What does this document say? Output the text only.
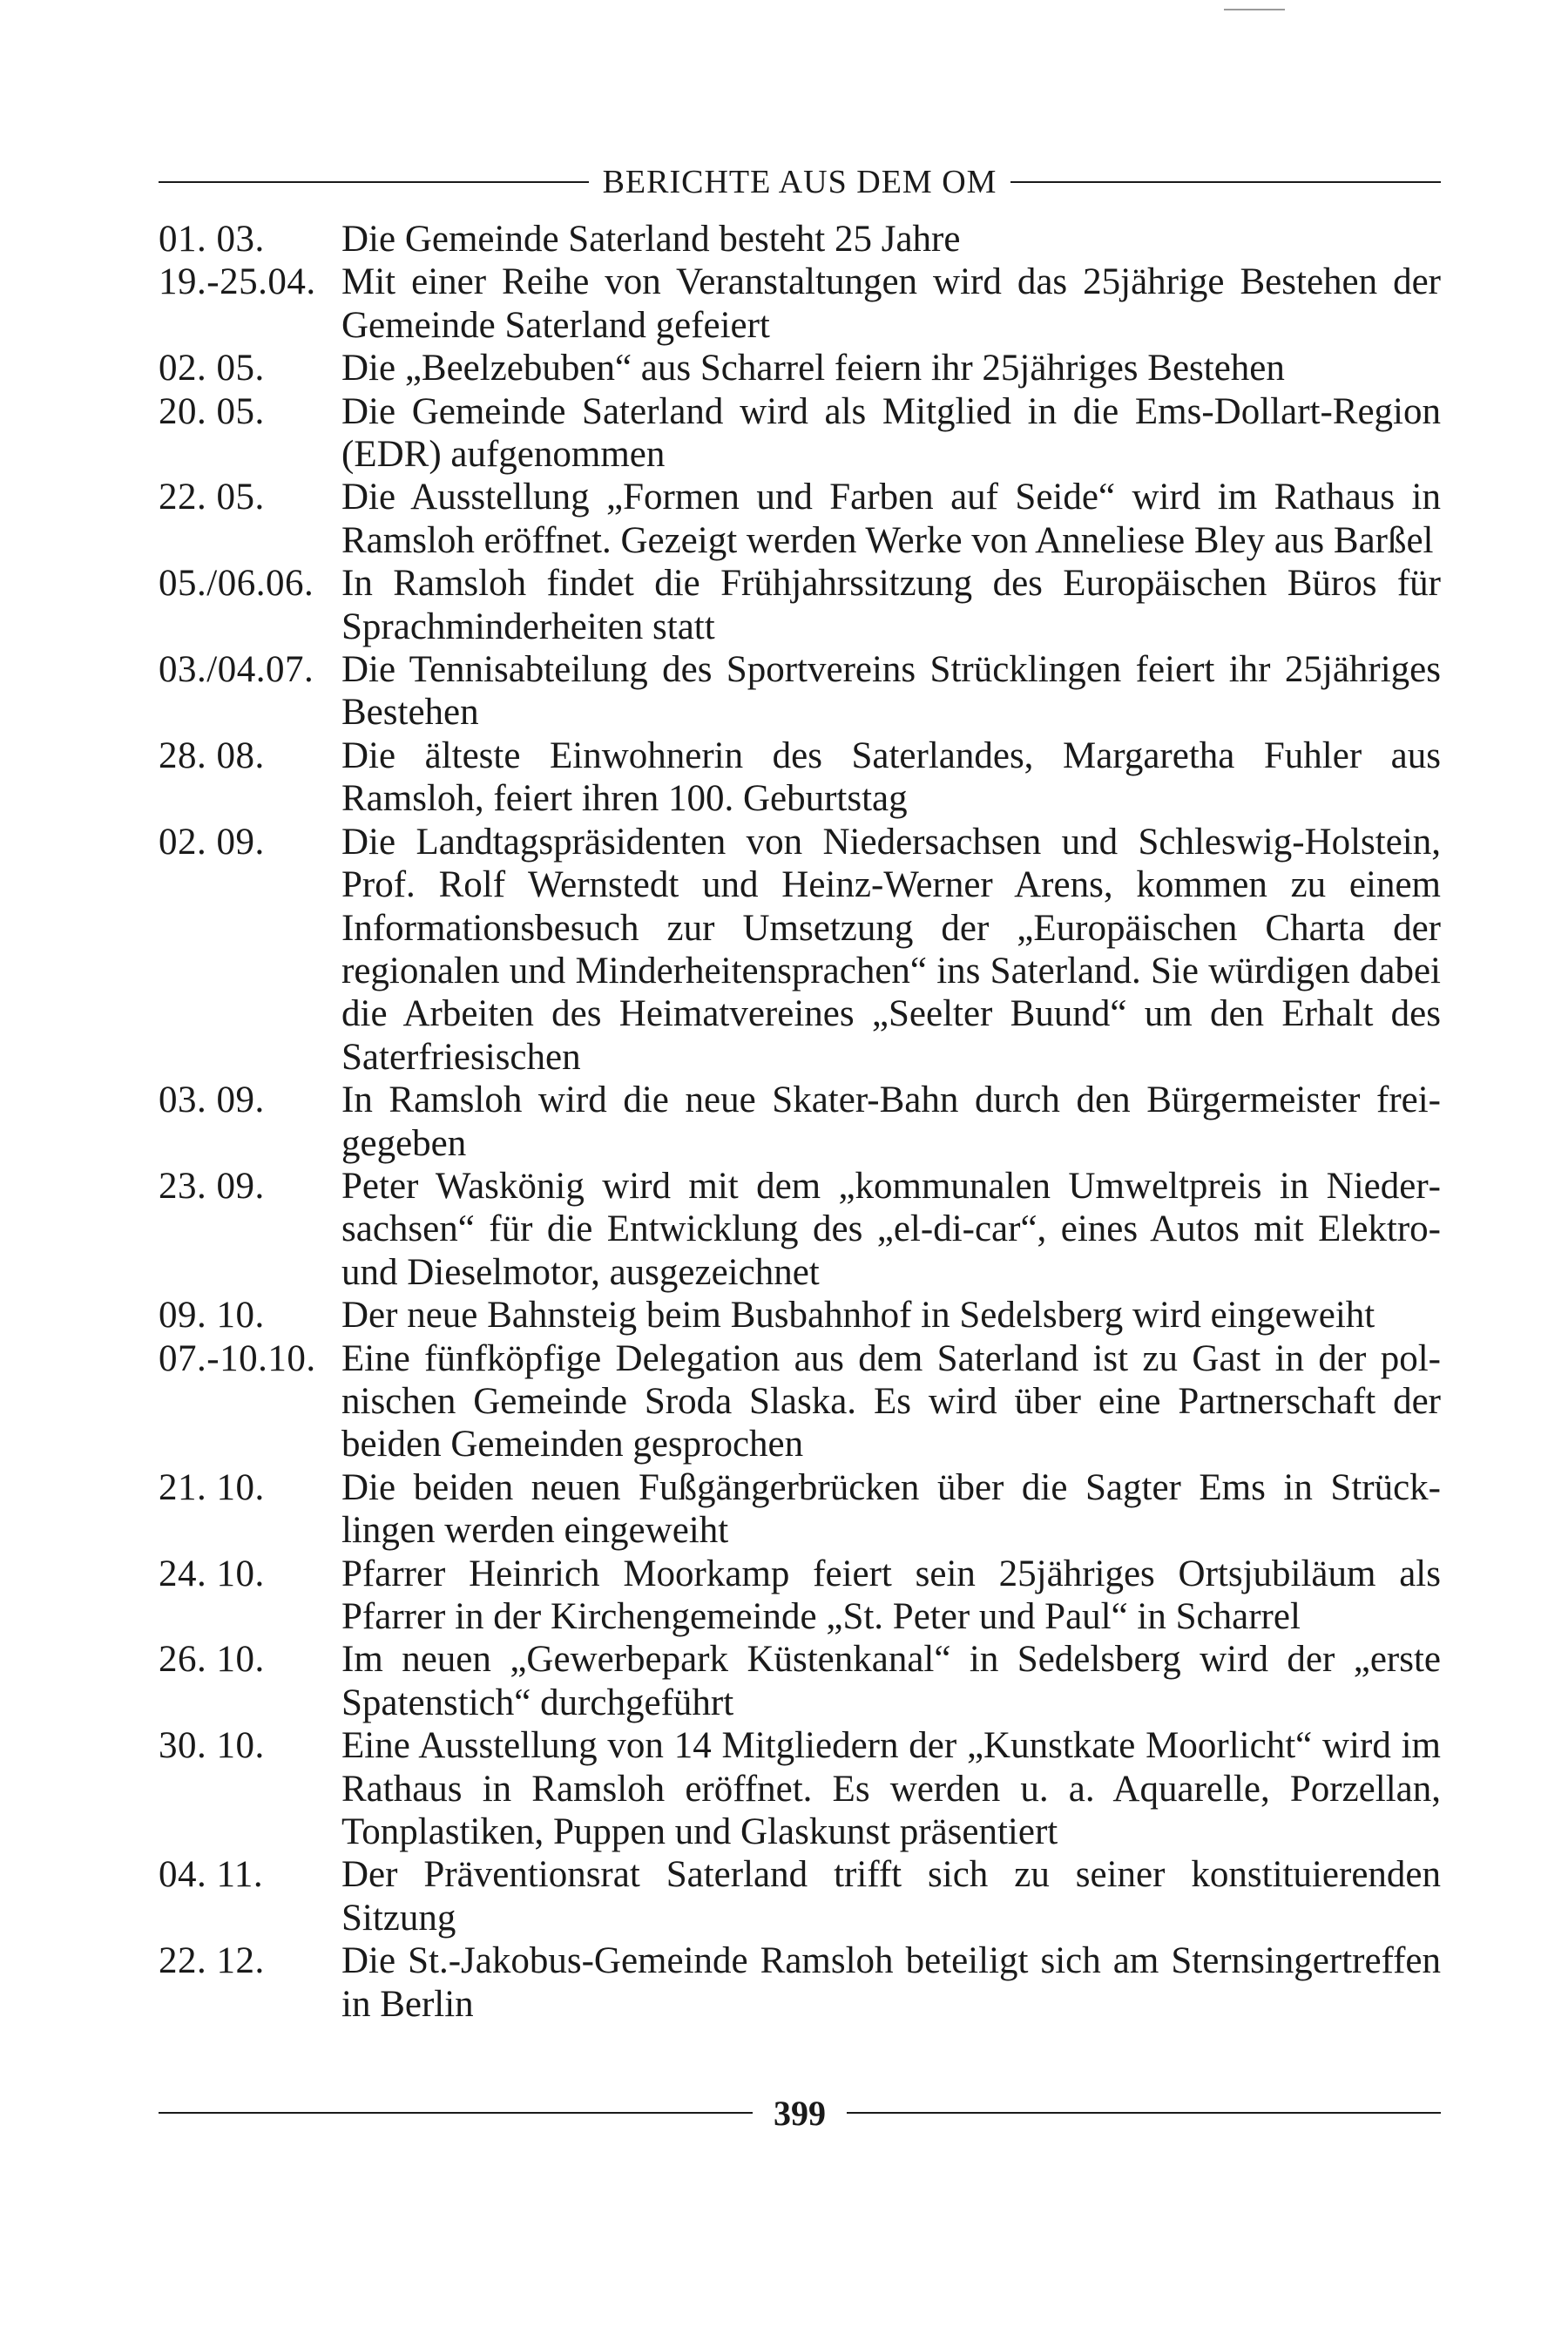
BERICHTE AUS DEM OM
01. 03.	Die Gemeinde Saterland besteht 25 Jahre
19.-25.04. Mit einer Reihe von Veranstaltungen wird das 25jährige Bestehen der Gemeinde Saterland gefeiert
02. 05.	Die „Beelzebuben“ aus Scharrel feiern ihr 25jähriges Bestehen
20. 05.	Die Gemeinde Saterland wird als Mitglied in die Ems-Dollart-Region (EDR) aufgenommen
22. 05.	Die Ausstellung „Formen und Farben auf Seide“ wird im Rathaus in Ramsloh eröffnet. Gezeigt werden Werke von Anneliese Bley aus Barßel
05./06.06. In Ramsloh findet die Frühjahrssitzung des Europäischen Büros für Sprachminderheiten statt
03./04.07. Die Tennisabteilung des Sportvereins Strücklingen feiert ihr 25jähriges Bestehen
28. 08.	Die älteste Einwohnerin des Saterlandes, Margaretha Fuhler aus Ramsloh, feiert ihren 100. Geburtstag
02. 09.	Die Landtagspräsidenten von Niedersachsen und Schleswig-Holstein, Prof. Rolf Wernstedt und Heinz-Werner Arens, kommen zu einem Informationsbesuch zur Umsetzung der „Europäischen Charta der regionalen und Minderheitensprachen“ ins Saterland. Sie würdigen dabei die Arbeiten des Heimatvereines „Seelter Buund“ um den Erhalt des Saterfriesischen
03. 09.	In Ramsloh wird die neue Skater-Bahn durch den Bürgermeister freigegeben
23. 09.	Peter Waskönig wird mit dem „kommunalen Umweltpreis in Niedersachsen“ für die Entwicklung des „el-di-car“, eines Autos mit Elektro- und Dieselmotor, ausgezeichnet
09. 10.	Der neue Bahnsteig beim Busbahnhof in Sedelsberg wird eingeweiht
07.-10.10. Eine fünfköpfige Delegation aus dem Saterland ist zu Gast in der polnischen Gemeinde Sroda Slaska. Es wird über eine Partnerschaft der beiden Gemeinden gesprochen
21. 10.	Die beiden neuen Fußgängerbrücken über die Sagter Ems in Strücklingen werden eingeweiht
24. 10.	Pfarrer Heinrich Moorkamp feiert sein 25jähriges Ortsjubiläum als Pfarrer in der Kirchengemeinde „St. Peter und Paul“ in Scharrel
26. 10.	Im neuen „Gewerbepark Küstenkanal“ in Sedelsberg wird der „erste Spatenstich“ durchgeführt
30. 10.	Eine Ausstellung von 14 Mitgliedern der „Kunstkate Moorlicht“ wird im Rathaus in Ramsloh eröffnet. Es werden u. a. Aquarelle, Porzellan, Tonplastiken, Puppen und Glaskunst präsentiert
04. 11.	Der Präventionsrat Saterland trifft sich zu seiner konstituierenden Sitzung
22. 12.	Die St.-Jakobus-Gemeinde Ramsloh beteiligt sich am Sternsingertreffen in Berlin
399
